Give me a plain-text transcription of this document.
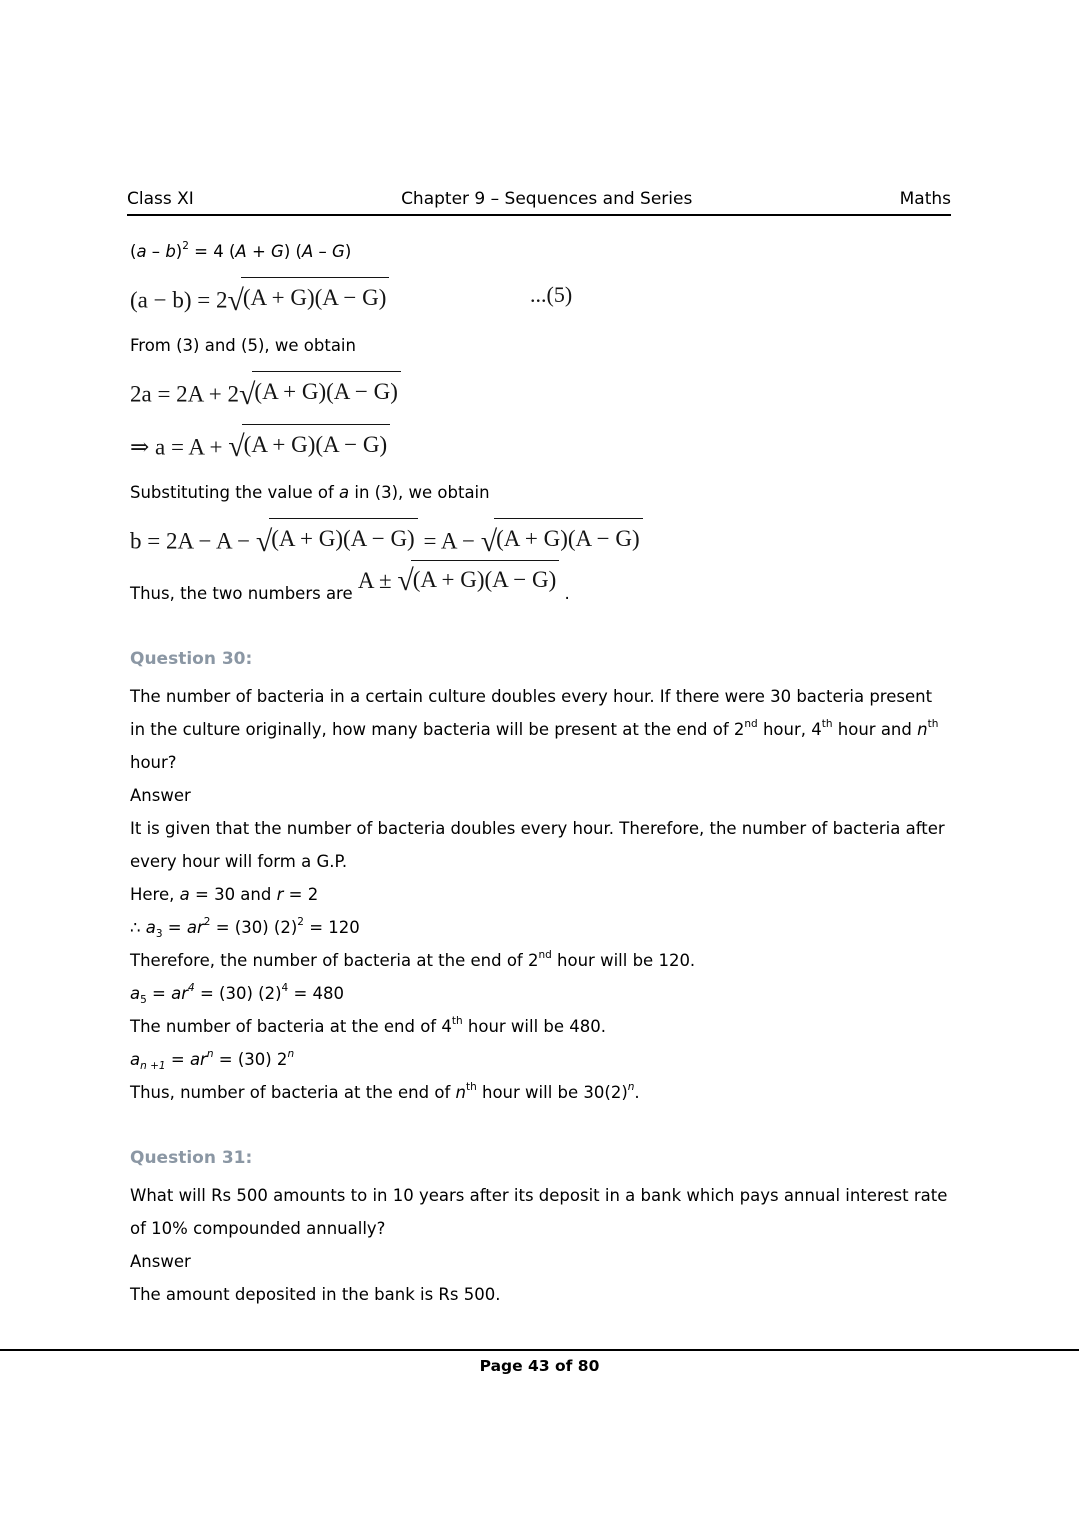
Class XI	Chapter 9 – Sequences and Series	Maths
(a – b)$^2$ = 4 (A + G) (A – G)
(a − b) = 2 √ (A + G)(A − G)	...(5)
From (3) and (5), we obtain
2a = 2A + 2 √ (A + G)(A − G)
⇒ a = A + √ (A + G)(A − G)
Substituting the value of a in (3), we obtain
b = 2A − A − √ (A + G)(A − G) = A − √ (A + G)(A − G)
Thus, the two numbers are A ± √ (A + G)(A − G)
.
Question 30:
The number of bacteria in a certain culture doubles every hour. If there were 30 bacteria present in the culture originally, how many bacteria will be present at the end of 2nd hour, 4th hour and $n^{th}$ hour?
Answer
It is given that the number of bacteria doubles every hour. Therefore, the number of bacteria after every hour will form a G.P.
Here, a = 30 and r = 2
∴ $a_3 = ar^2 = (30) (2)^2 = 120$
Therefore, the number of bacteria at the end of 2nd hour will be 120.
$a_5 = ar^4 = (30) (2)^4 = 480$
The number of bacteria at the end of 4th hour will be 480.
$a_{n +1} = ar^n = (30)$ 2$^n$
Thus, number of bacteria at the end of $n^{th}$ hour will be $30(2)^n$.
Question 31:
What will Rs 500 amounts to in 10 years after its deposit in a bank which pays annual interest rate of 10% compounded annually?
Answer
The amount deposited in the bank is Rs 500.
Page 43 of 80
